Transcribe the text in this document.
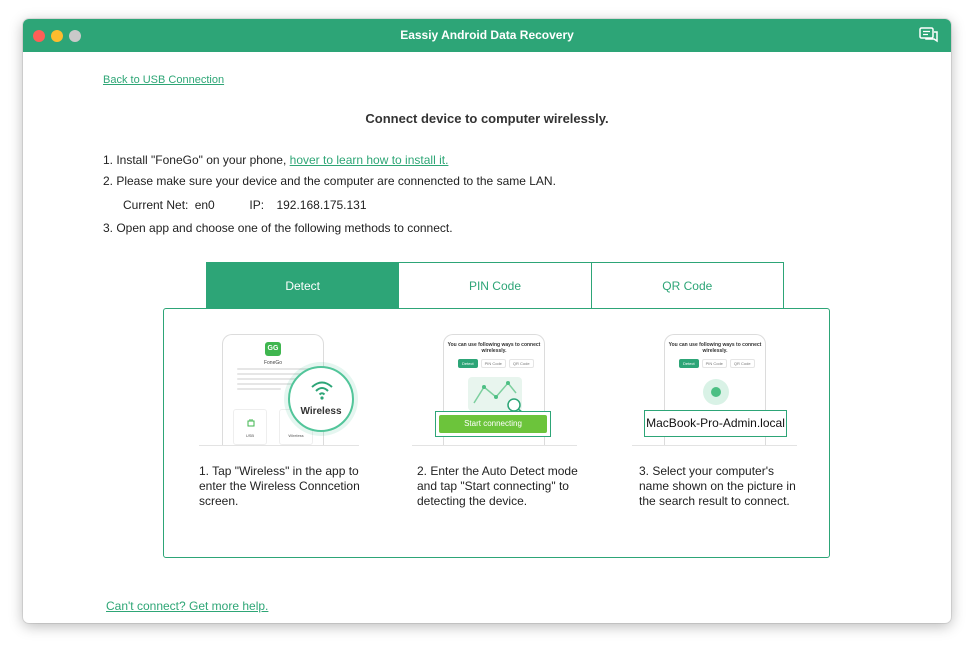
Eassiy Android Data Recovery
Back to USB Connection
Connect device to computer wirelessly.
1. Install "FoneGo" on your phone, hover to learn how to install it.
2. Please make sure your device and the computer are connencted to the same LAN.
Current Net: en0	IP: 192.168.175.131
3. Open app and choose one of the following methods to connect.
Detect	PIN Code	QR Code
GG
FoneGo
USB	Wireless
Wireless
1. Tap "Wireless" in the app to enter the Wireless Conncetion screen.
You can use following ways to connect wirelessly.
Detect	PIN Code	QR Code
Start connecting
2. Enter the Auto Detect mode and tap "Start connecting" to detecting the device.
You can use following ways to connect wirelessly.
Detect	PIN Code	QR Code
MacBook-Pro-Admin.local
3. Select your computer's name shown on the picture in the search result to connect.
Can't connect? Get more help.
